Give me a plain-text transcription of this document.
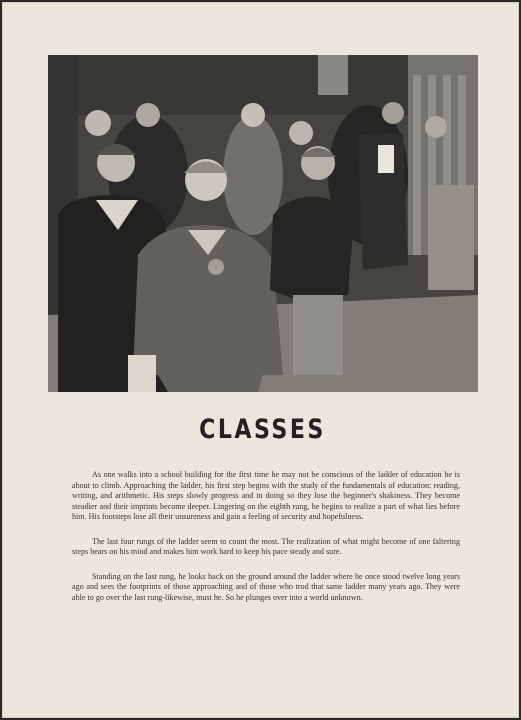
CLASSES

As one walks into a school building for the first time he may not be conscious of the ladder of education he is about to climb. Approaching the ladder, his first step begins with the study of the fundamentals of education: reading, writing, and arithmetic. His steps slowly progress and in doing so they lose the beginner's shakiness. They become steadier and their imprints become deeper. Lingering on the eighth rung, he begins to realize a part of what lies before him. His footsteps lose all their unsureness and gain a feeling of security and hopefulness.

The last four rungs of the ladder seem to count the most. The realization of what might become of one faltering steps bears on his mind and makes him work hard to keep his pace steady and sure.

Standing on the last rung, he looks back on the ground around the ladder where he once stood twelve long years ago and sees the footprints of those approaching and of those who trod that same ladder many years ago. They were able to go over the last rung-likewise, must he. So he plunges over into a world unknown.
